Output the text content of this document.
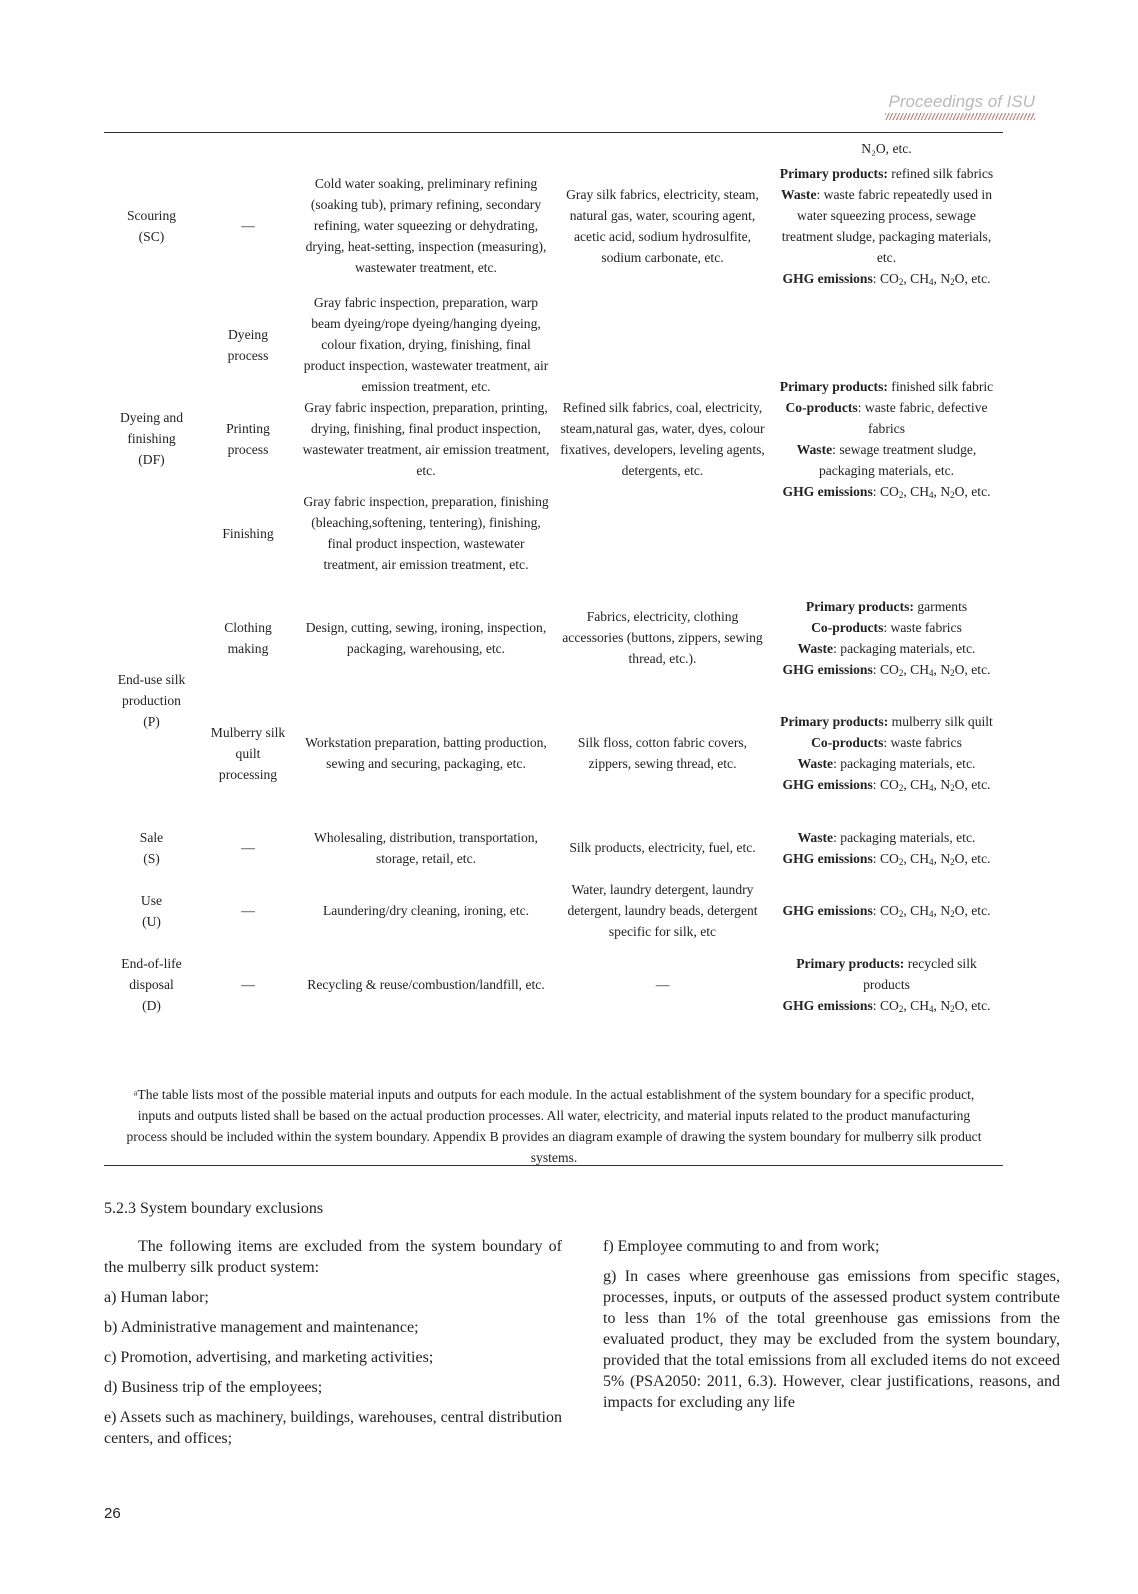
Proceedings of ISU
				N₂O, etc.
Scouring
(SC)	—	Cold water soaking, preliminary refining (soaking tub), primary refining, secondary refining, water squeezing or dehydrating, drying, heat-setting, inspection (measuring), wastewater treatment, etc.	Gray silk fabrics, electricity, steam, natural gas, water, scouring agent, acetic acid, sodium hydrosulfite, sodium carbonate, etc.	Primary products: refined silk fabrics
Waste: waste fabric repeatedly used in water squeezing process, sewage treatment sludge, packaging materials, etc.
GHG emissions: $CO_2$, $CH_4$, $N_2O$, etc.
Dyeing and
finishing
(DF)	Dyeing
process	Gray fabric inspection, preparation, warp beam dyeing/rope dyeing/hanging dyeing, colour fixation, drying, finishing, final product inspection, wastewater treatment, air emission treatment, etc.	Refined silk fabrics, coal, electricity, steam,natural gas, water, dyes, colour fixatives, developers, leveling agents, detergents, etc.	Primary products: finished silk fabric
Co-products: waste fabric, defective fabrics
Waste: sewage treatment sludge, packaging materials, etc.
GHG emissions: $CO_2$, $CH_4$, $N_2O$, etc.
	Printing
process	Gray fabric inspection, preparation, printing, drying, finishing, final product inspection, wastewater treatment, air emission treatment, etc.		
	Finishing	Gray fabric inspection, preparation, finishing (bleaching,softening, tentering), finishing, final product inspection, wastewater treatment, air emission treatment, etc.		
End-use silk
production
(P)	Clothing
making	Design, cutting, sewing, ironing, inspection, packaging, warehousing, etc.	Fabrics, electricity, clothing accessories (buttons, zippers, sewing thread, etc.).	Primary products: garments
Co-products: waste fabrics
Waste: packaging materials, etc.
GHG emissions: $CO_2$, $CH_4$, $N_2O$, etc.
	Mulberry silk
quilt
processing	Workstation preparation, batting production, sewing and securing, packaging, etc.	Silk floss, cotton fabric covers, zippers, sewing thread, etc.	Primary products: mulberry silk quilt
Co-products: waste fabrics
Waste: packaging materials, etc.
GHG emissions: $CO_2$, $CH_4$, $N_2O$, etc.
Sale
(S)	—	Wholesaling, distribution, transportation, storage, retail, etc.	Silk products, electricity, fuel, etc.	Waste: packaging materials, etc.
GHG emissions: $CO_2$, $CH_4$, $N_2O$, etc.
Use
(U)	—	Laundering/dry cleaning, ironing, etc.	Water, laundry detergent, laundry detergent, laundry beads, detergent specific for silk, etc	GHG emissions: $CO_2$, $CH_4$, $N_2O$, etc.
End-of-life
disposal
(D)	—	Recycling & reuse/combustion/landfill, etc.	—	Primary products: recycled silk products
GHG emissions: $CO_2$, $CH_4$, $N_2O$, etc.
ᵃThe table lists most of the possible material inputs and outputs for each module. In the actual establishment of the system boundary for a specific product, inputs and outputs listed shall be based on the actual production processes. All water, electricity, and material inputs related to the product manufacturing process should be included within the system boundary. Appendix B provides an diagram example of drawing the system boundary for mulberry silk product systems.
5.2.3 System boundary exclusions

The following items are excluded from the system boundary of the mulberry silk product system:

a) Human labor;

b) Administrative management and maintenance;

c) Promotion, advertising, and marketing activities;

d) Business trip of the employees;

e) Assets such as machinery, buildings, warehouses, central distribution centers, and offices;

f) Employee commuting to and from work;

g) In cases where greenhouse gas emissions from specific stages, processes, inputs, or outputs of the assessed product system contribute to less than 1% of the total greenhouse gas emissions from the evaluated product, they may be excluded from the system boundary, provided that the total emissions from all excluded items do not exceed 5% (PSA2050: 2011, 6.3). However, clear justifications, reasons, and impacts for excluding any life

26
